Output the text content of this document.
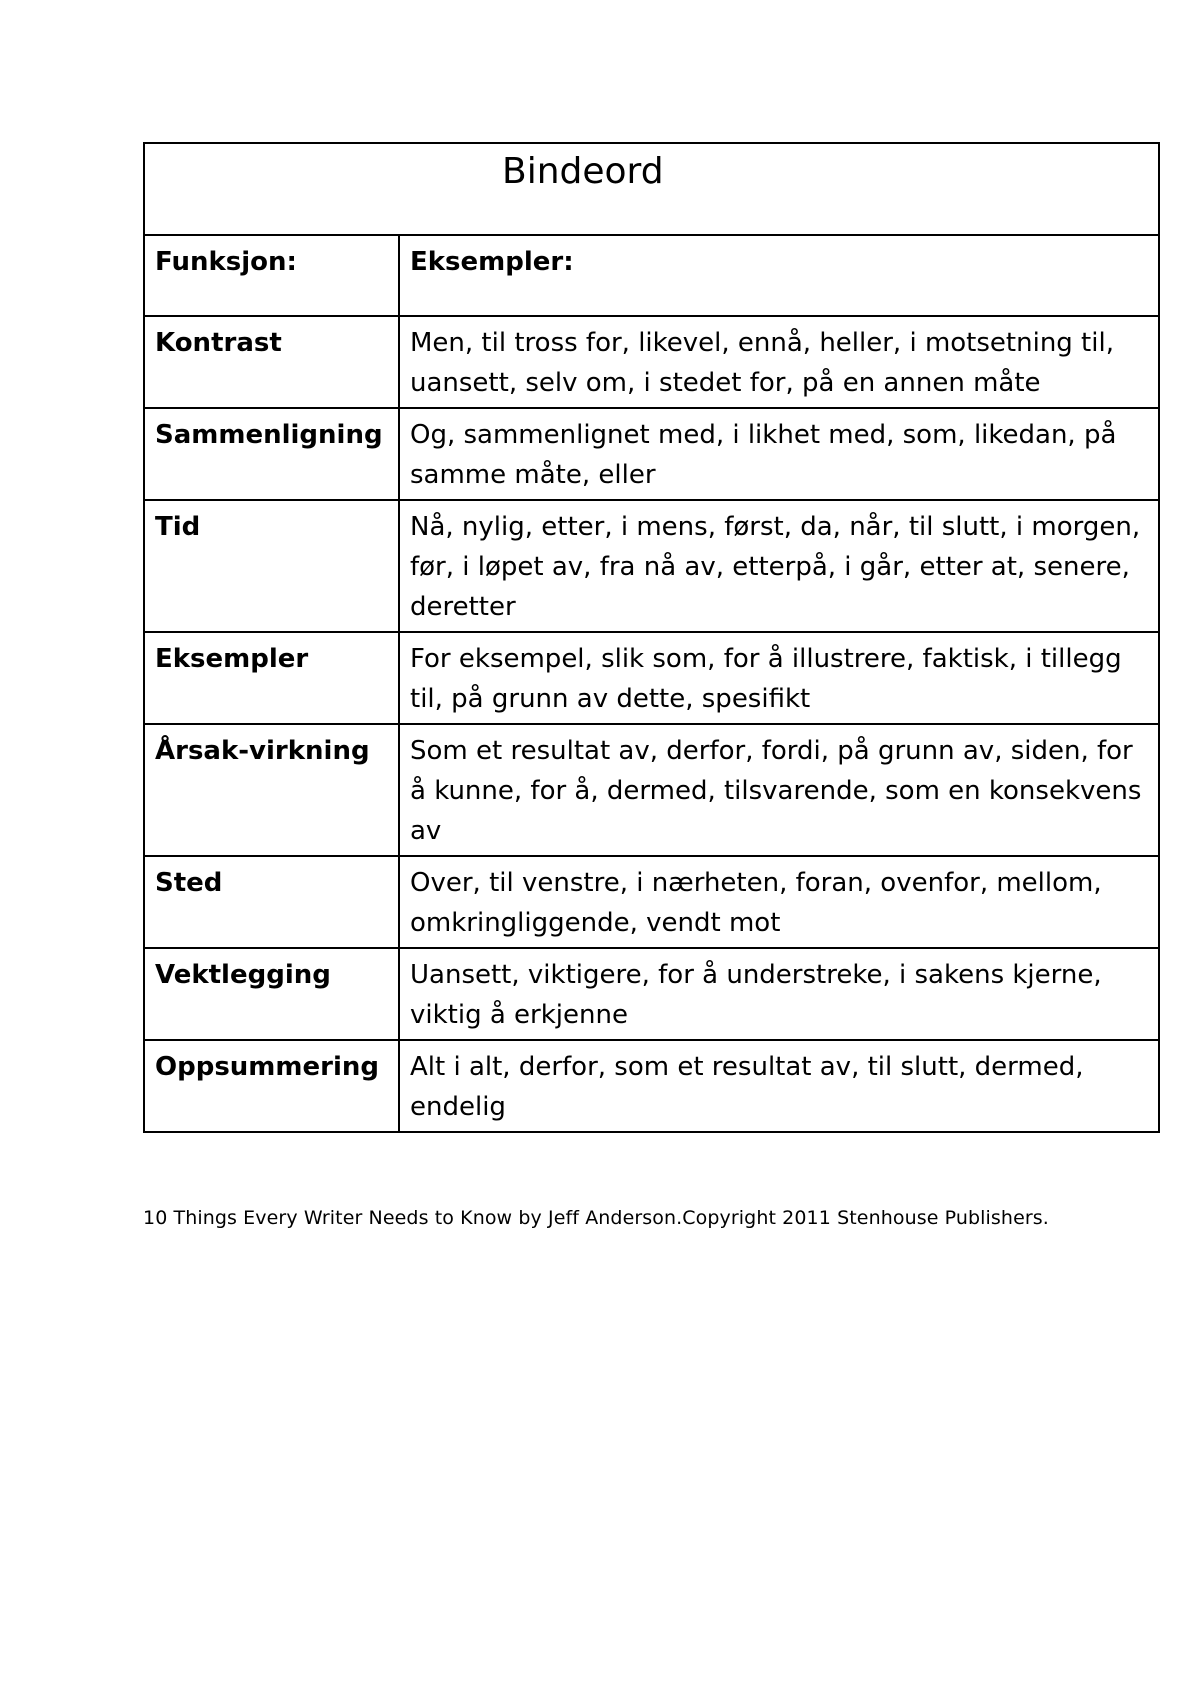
Bindeord	
Funksjon:	Eksempler:
Kontrast	Men, til tross for, likevel, ennå, heller, i motsetning til, uansett, selv om, i stedet for, på en annen måte
Sammenligning	Og, sammenlignet med, i likhet med, som, likedan, på samme måte, eller
Tid	Nå, nylig, etter, i mens, først, da, når, til slutt, i morgen, før, i løpet av, fra nå av, etterpå, i går, etter at, senere, deretter
Eksempler	For eksempel, slik som, for å illustrere, faktisk, i tillegg til, på grunn av dette, spesifikt
Årsak-virkning	Som et resultat av, derfor, fordi, på grunn av, siden, for å kunne, for å, dermed, tilsvarende, som en konsekvens av
Sted	Over, til venstre, i nærheten, foran, ovenfor, mellom, omkringliggende, vendt mot
Vektlegging	Uansett, viktigere, for å understreke, i sakens kjerne, viktig å erkjenne
Oppsummering	Alt i alt, derfor, som et resultat av, til slutt, dermed, endelig
10 Things Every Writer Needs to Know by Jeff Anderson.Copyright 2011 Stenhouse Publishers.
